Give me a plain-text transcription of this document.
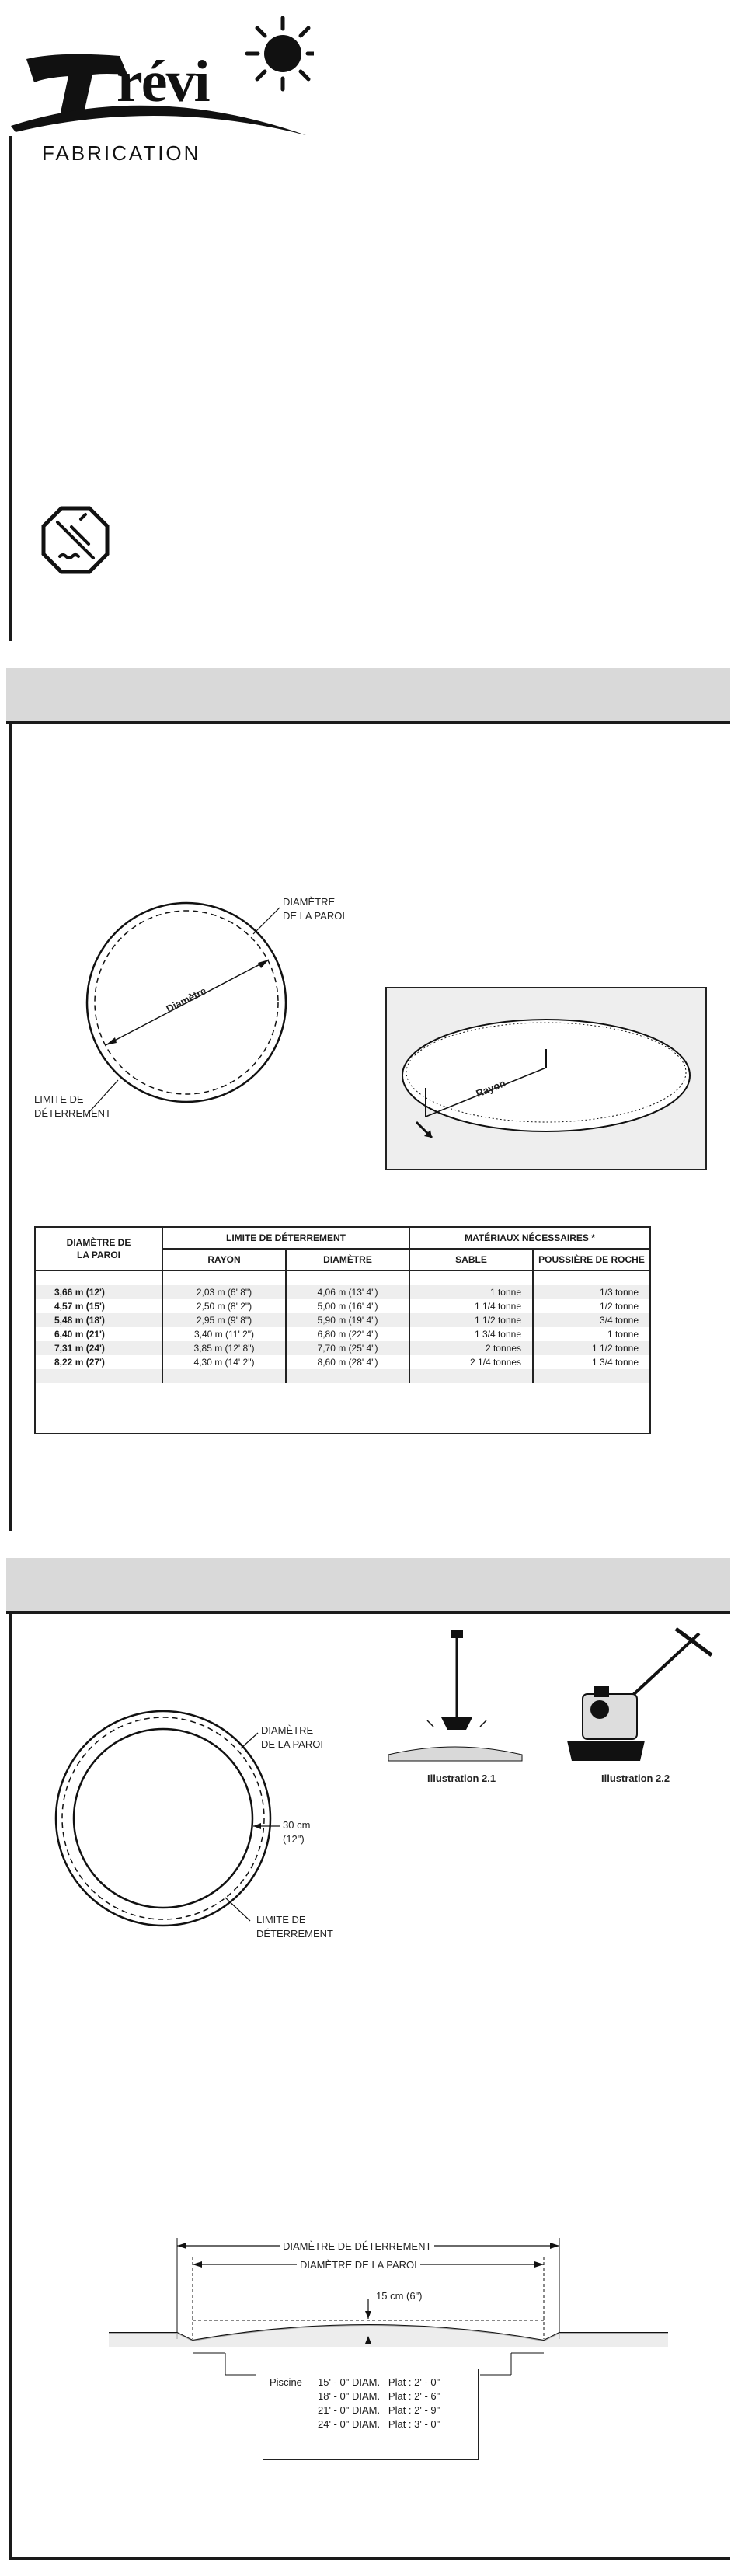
révi
FABRICATION
DIAMÈTRE
DE LA PAROI
Diamètre
LIMITE DE
DÉTERREMENT
Rayon
DIAMÈTRE DE
LA PAROI	LIMITE DE DÉTERREMENT		MATÉRIAUX NÉCESSAIRES *	
	RAYON	DIAMÈTRE	SABLE	POUSSIÈRE DE ROCHE

3,66 m (12')	2,03 m (6' 8")	4,06 m (13' 4")	1 tonne	1/3 tonne
4,57 m (15')	2,50 m (8' 2")	5,00 m (16' 4")	1 1/4 tonne	1/2 tonne
5,48 m (18')	2,95 m (9' 8")	5,90 m (19' 4")	1 1/2 tonne	3/4 tonne
6,40 m (21')	3,40 m (11' 2")	6,80 m (22' 4")	1 3/4 tonne	1 tonne
7,31 m (24')	3,85 m (12' 8")	7,70 m (25' 4")	2 tonnes	1 1/2 tonne
8,22 m (27')	4,30 m (14' 2")	8,60 m (28' 4")	2 1/4 tonnes	1 3/4 tonne

DIAMÈTRE
DE LA PAROI
30 cm
(12")
LIMITE DE
DÉTERREMENT
Illustration 2.1	Illustration 2.2
DIAMÈTRE DE DÉTERREMENT
DIAMÈTRE DE LA PAROI
15 cm (6")
Piscine 15' - 0" DIAM. Plat : 2' - 0"
18' - 0" DIAM. Plat : 2' - 6"
21' - 0" DIAM. Plat : 2' - 9"
24' - 0" DIAM. Plat : 3' - 0"
